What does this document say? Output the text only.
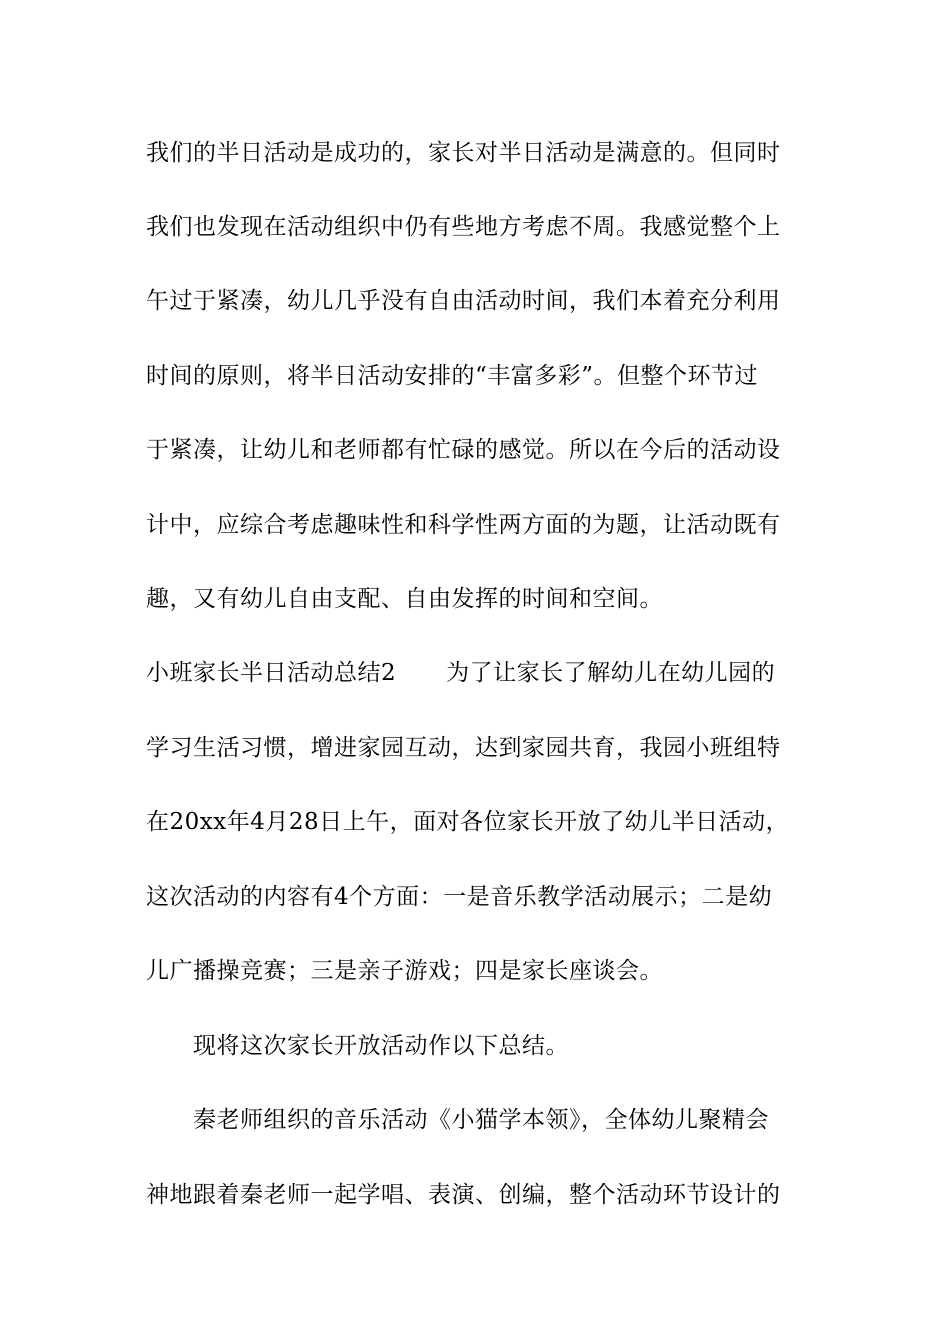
我们的半日活动是成功的，家长对半日活动是满意的。但同时
我们也发现在活动组织中仍有些地方考虑不周。我感觉整个上
午过于紧凑，幼儿几乎没有自由活动时间，我们本着充分利用
时间的原则，将半日活动安排的“丰富多彩”。但整个环节过
于紧凑，让幼儿和老师都有忙碌的感觉。所以在今后的活动设
计中，应综合考虑趣味性和科学性两方面的为题，让活动既有
趣，又有幼儿自由支配、自由发挥的时间和空间。
小班家长半日活动总结2 为了让家长了解幼儿在幼儿园的
学习生活习惯，增进家园互动，达到家园共育，我园小班组特
在20xx年4月28日上午，面对各位家长开放了幼儿半日活动，
这次活动的内容有4个方面：一是音乐教学活动展示；二是幼
儿广播操竞赛；三是亲子游戏；四是家长座谈会。
现将这次家长开放活动作以下总结。
秦老师组织的音乐活动《小猫学本领》，全体幼儿聚精会
神地跟着秦老师一起学唱、表演、创编，整个活动环节设计的
